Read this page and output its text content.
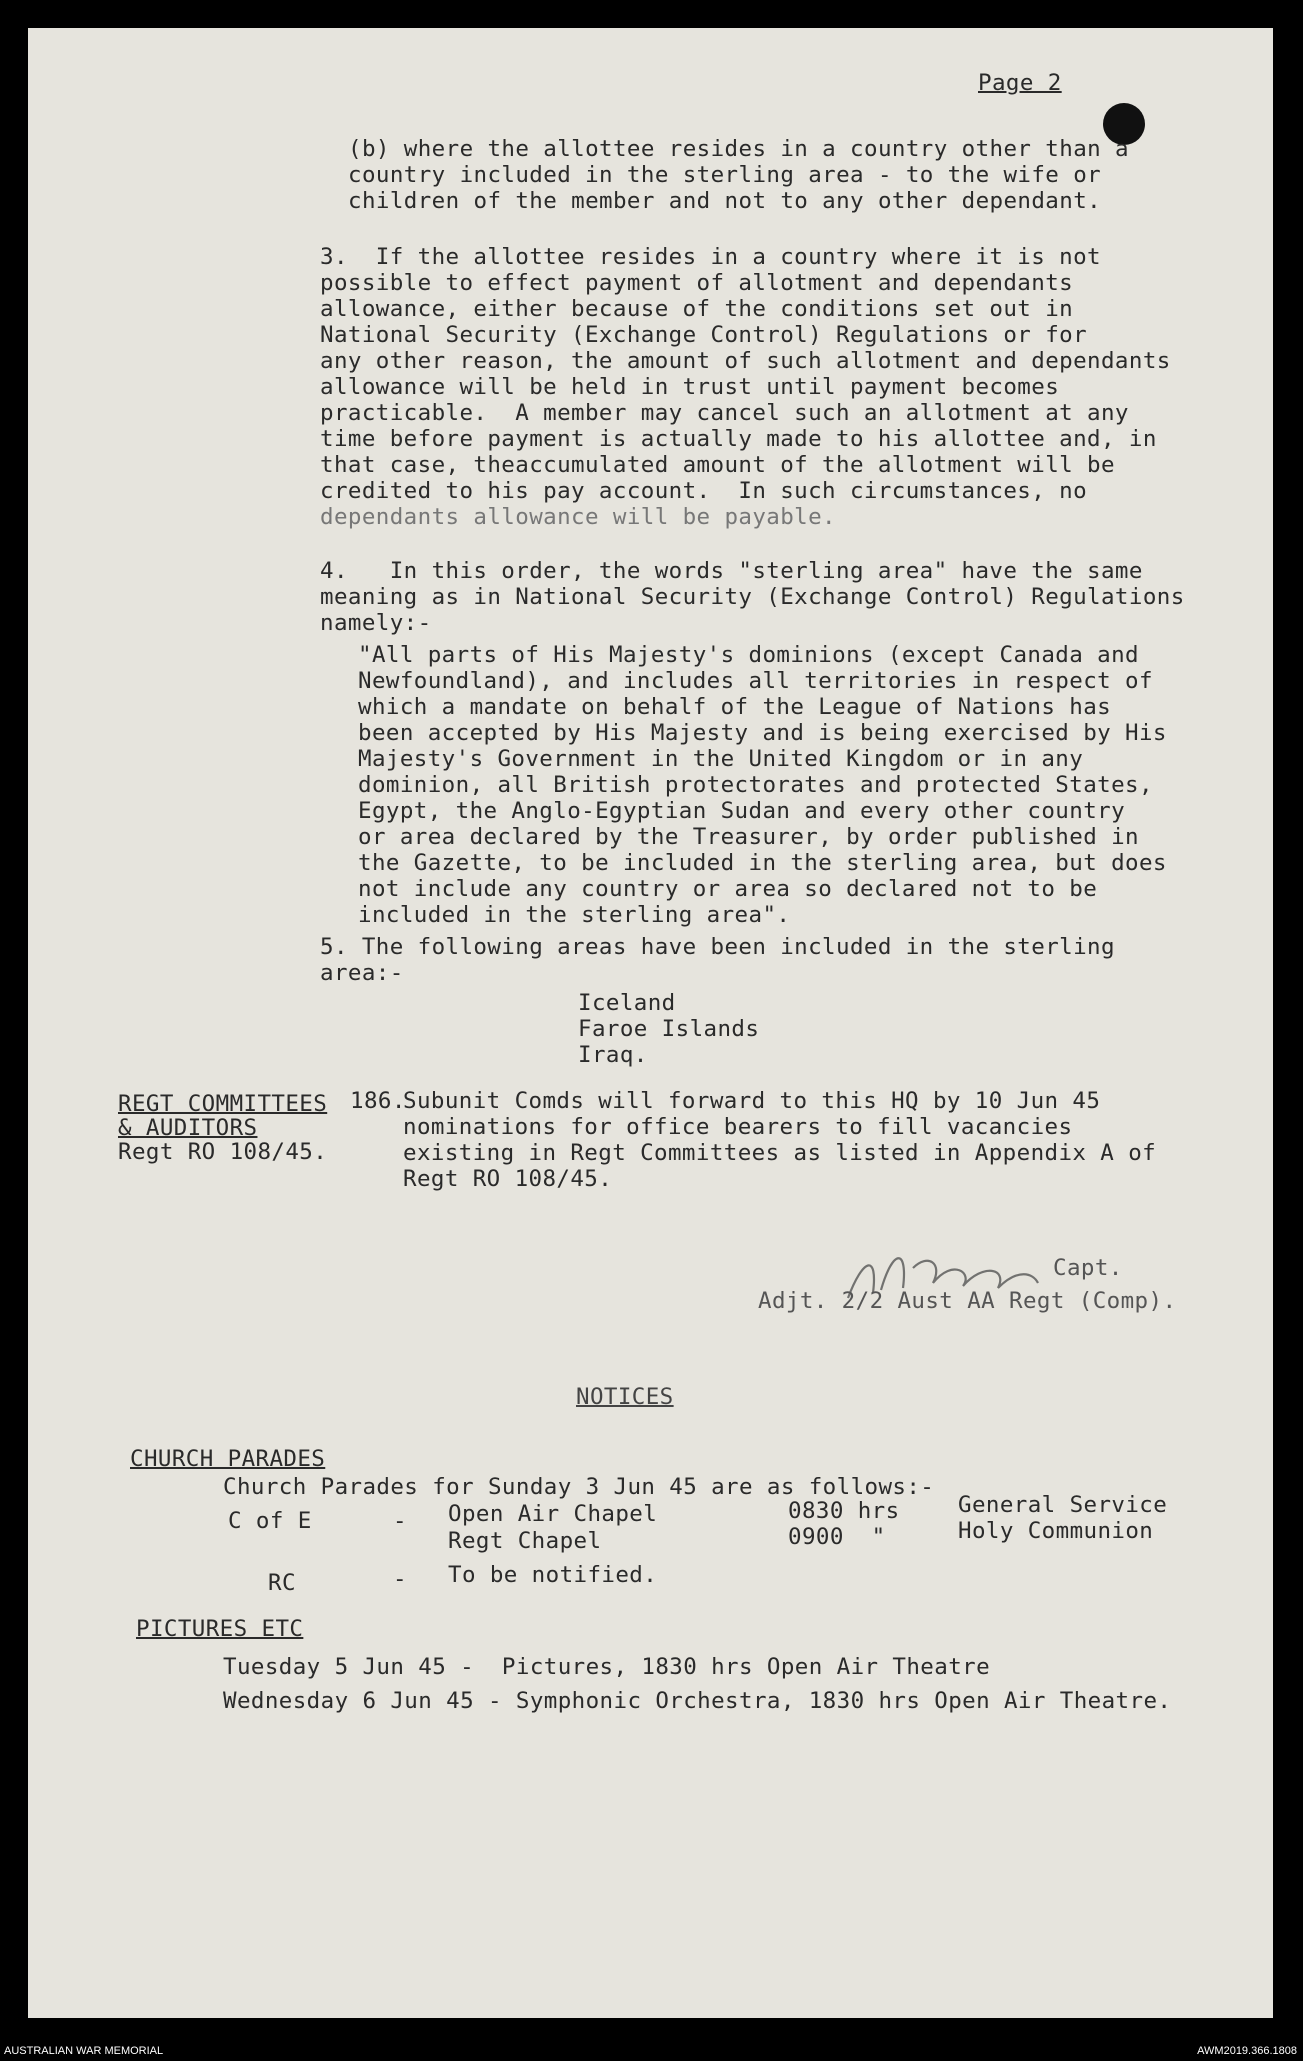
Page 2
(b) where the allottee resides in a country other than a
country included in the sterling area - to the wife or
children of the member and not to any other dependant.
3.  If the allottee resides in a country where it is not
possible to effect payment of allotment and dependants
allowance, either because of the conditions set out in
National Security (Exchange Control) Regulations or for
any other reason, the amount of such allotment and dependants
allowance will be held in trust until payment becomes
practicable.  A member may cancel such an allotment at any
time before payment is actually made to his allottee and, in
that case, theaccumulated amount of the allotment will be
credited to his pay account.  In such circumstances, no
dependants allowance will be payable.
4.   In this order, the words "sterling area" have the same
meaning as in National Security (Exchange Control) Regulations
namely:-
"All parts of His Majesty's dominions (except Canada and
Newfoundland), and includes all territories in respect of
which a mandate on behalf of the League of Nations has
been accepted by His Majesty and is being exercised by His
Majesty's Government in the United Kingdom or in any
dominion, all British protectorates and protected States,
Egypt, the Anglo-Egyptian Sudan and every other country
or area declared by the Treasurer, by order published in
the Gazette, to be included in the sterling area, but does
not include any country or area so declared not to be
included in the sterling area".
5. The following areas have been included in the sterling
area:-
Iceland
Faroe Islands
Iraq.
REGT COMMITTEES
& AUDITORS
Regt RO 108/45.
186.
Subunit Comds will forward to this HQ by 10 Jun 45
nominations for office bearers to fill vacancies
existing in Regt Committees as listed in Appendix A of
Regt RO 108/45.
Capt.
Adjt. 2/2 Aust AA Regt (Comp).
NOTICES
CHURCH PARADES
Church Parades for Sunday 3 Jun 45 are as follows:-
C of E	- Open Air Chapel	0830 hrs	General Service
Regt Chapel	0900  "	Holy Communion
RC	- To be notified.
PICTURES ETC
Tuesday 5 Jun 45 -  Pictures, 1830 hrs Open Air Theatre
Wednesday 6 Jun 45 - Symphonic Orchestra, 1830 hrs Open Air Theatre.
AUSTRALIAN WAR MEMORIAL	AWM2019.366.1808
